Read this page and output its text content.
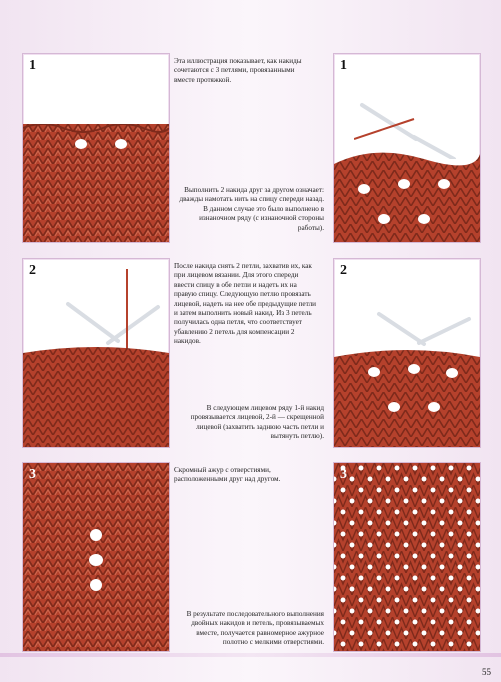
1	1
Эта иллюстрация показывает, как накиды сочетаются с 3 петлями, провязанными вместе протяжкой.
Выполнить 2 накида друг за другом означает: дважды намотать нить на спицу спереди назад. В данном случае это было выполнено в изнаночном ряду (с изнаночной стороны работы).
2	2
После накида снять 2 петли, захватив их, как при лицевом вязании. Для этого спереди ввести спицу в обе петли и надеть их на правую спицу. Следующую петлю провязать лицевой, надеть на нее обе предыдущие петли и затем выполнить новый накид. Из 3 петель получилась одна петля, что соответствует убавлению 2 петель для компенсации 2 накидов.
В следующем лицевом ряду 1-й накид провязывается лицевой, 2-й — скрещенной лицевой (захватить заднюю часть петли и вытянуть петлю).
3	3
Скромный ажур с отверстиями, расположенными друг над другом.
В результате последовательного выполнения двойных накидов и петель, провязываемых вместе, получается равномерное ажурное полотно с мелкими отверстиями.
55
